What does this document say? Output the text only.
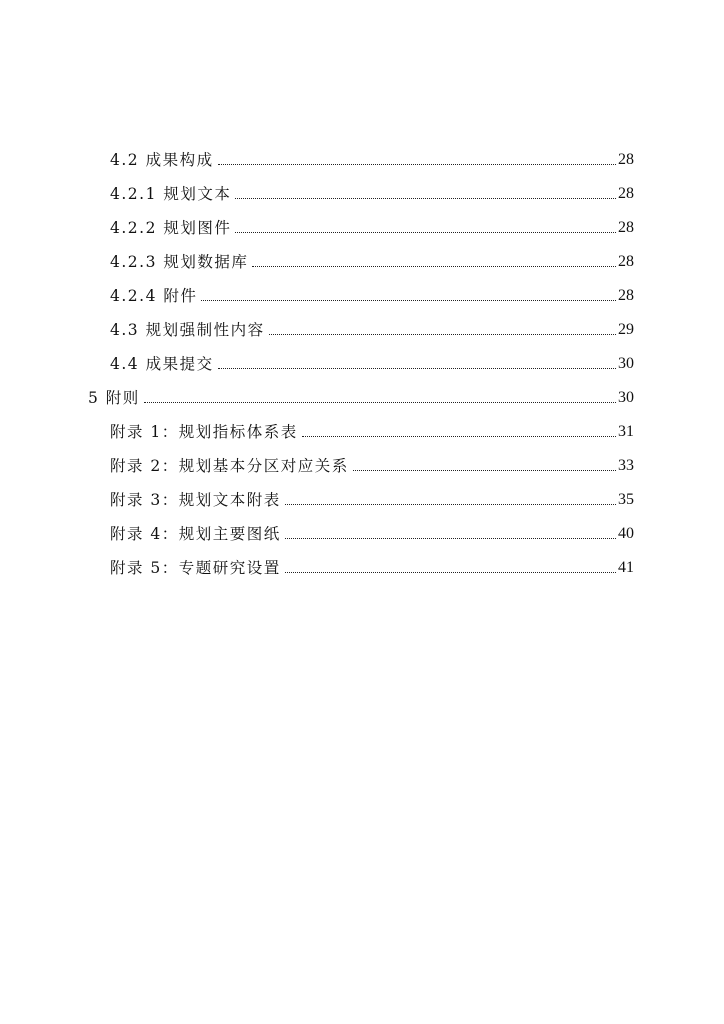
4.2 成果构成	28
4.2.1 规划文本	28
4.2.2 规划图件	28
4.2.3 规划数据库	28
4.2.4 附件	28
4.3 规划强制性内容	29
4.4 成果提交	30
5 附则	30
附录 1：规划指标体系表	31
附录 2：规划基本分区对应关系	33
附录 3：规划文本附表	35
附录 4：规划主要图纸	40
附录 5：专题研究设置	41
